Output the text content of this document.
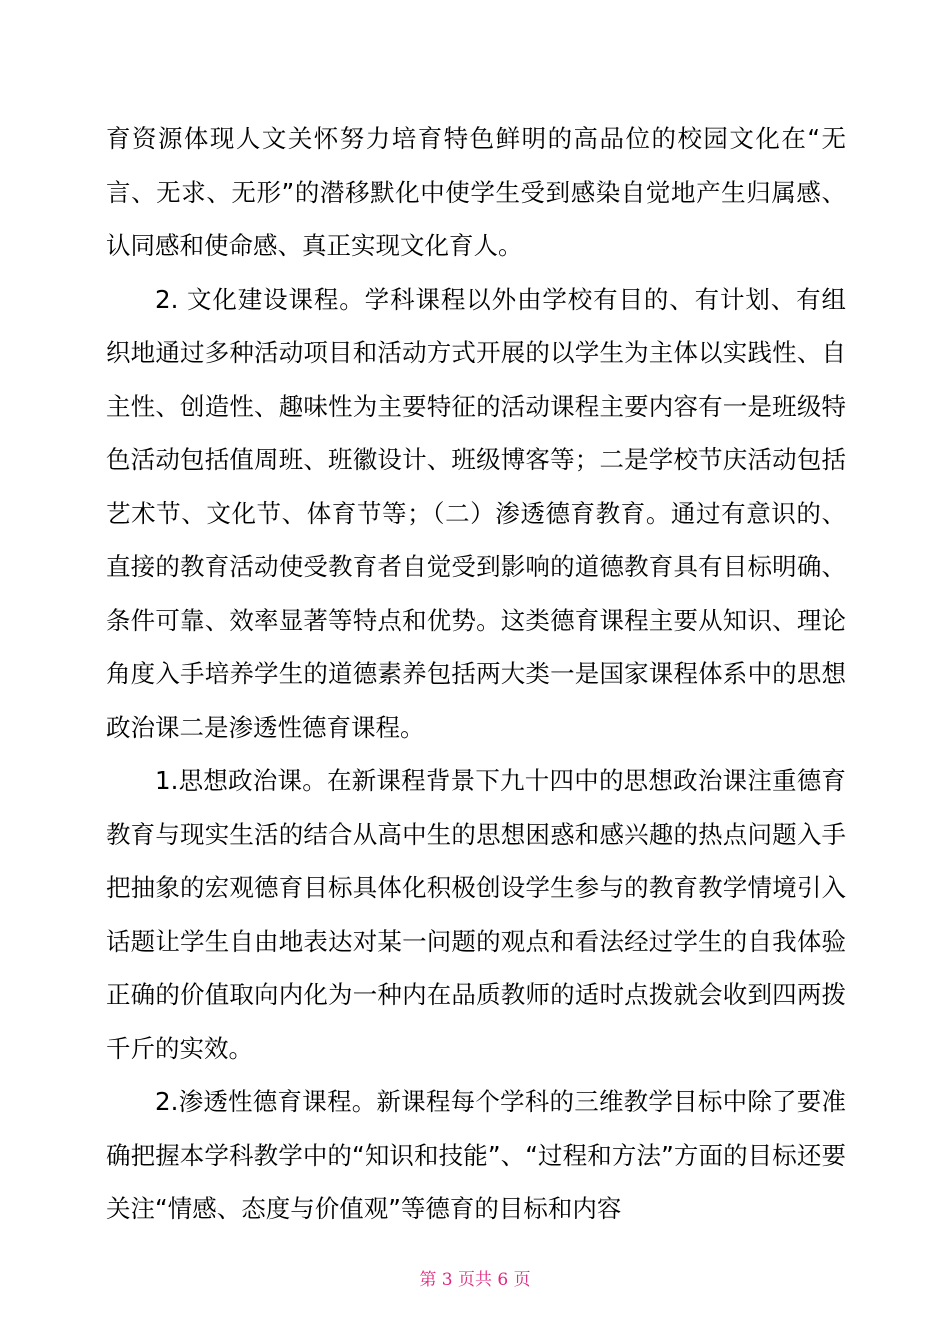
育资源体现人文关怀努力培育特色鲜明的高品位的校园文化在“无言、无求、无形”的潜移默化中使学生受到感染自觉地产生归属感、认同感和使命感、真正实现文化育人。

2. 文化建设课程。学科课程以外由学校有目的、有计划、有组织地通过多种活动项目和活动方式开展的以学生为主体以实践性、自主性、创造性、趣味性为主要特征的活动课程主要内容有一是班级特色活动包括值周班、班徽设计、班级博客等；二是学校节庆活动包括艺术节、文化节、体育节等；（二）渗透德育教育。通过有意识的、直接的教育活动使受教育者自觉受到影响的道德教育具有目标明确、条件可靠、效率显著等特点和优势。这类德育课程主要从知识、理论角度入手培养学生的道德素养包括两大类一是国家课程体系中的思想政治课二是渗透性德育课程。

1.思想政治课。在新课程背景下九十四中的思想政治课注重德育教育与现实生活的结合从高中生的思想困惑和感兴趣的热点问题入手把抽象的宏观德育目标具体化积极创设学生参与的教育教学情境引入话题让学生自由地表达对某一问题的观点和看法经过学生的自我体验正确的价值取向内化为一种内在品质教师的适时点拨就会收到四两拨千斤的实效。

2.渗透性德育课程。新课程每个学科的三维教学目标中除了要准确把握本学科教学中的“知识和技能”、“过程和方法”方面的目标还要关注“情感、态度与价值观”等德育的目标和内容

第 3 页共 6 页
